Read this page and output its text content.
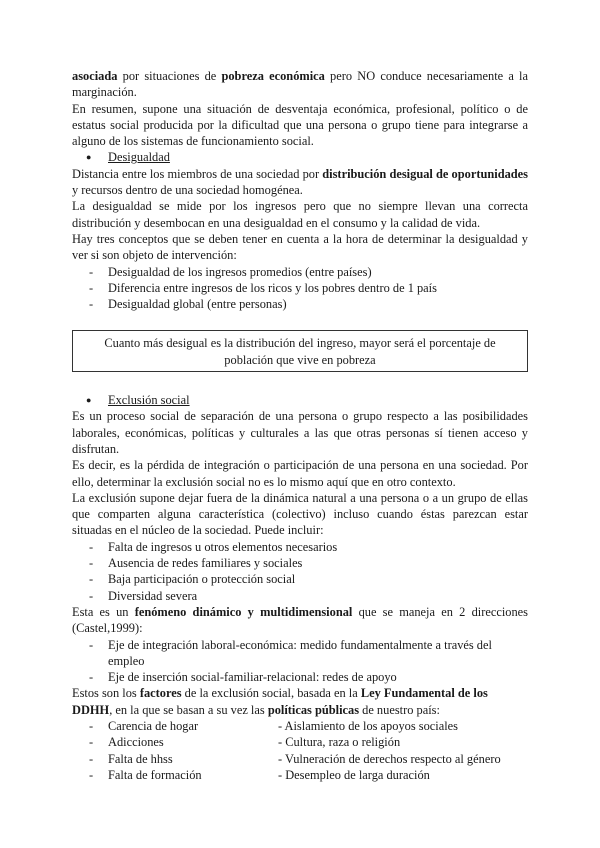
asociada por situaciones de pobreza económica pero NO conduce necesariamente a la marginación.

En resumen, supone una situación de desventaja económica, profesional, político o de estatus social producida por la dificultad que una persona o grupo tiene para integrarse a alguno de los sistemas de funcionamiento social.

● Desigualdad

Distancia entre los miembros de una sociedad por distribución desigual de oportunidades y recursos dentro de una sociedad homogénea.

La desigualdad se mide por los ingresos pero que no siempre llevan una correcta distribución y desembocan en una desigualdad en el consumo y la calidad de vida.

Hay tres conceptos que se deben tener en cuenta a la hora de determinar la desigualdad y ver si son objeto de intervención:

- Desigualdad de los ingresos promedios (entre países)
- Diferencia entre ingresos de los ricos y los pobres dentro de 1 país
- Desigualdad global (entre personas)
Cuanto más desigual es la distribución del ingreso, mayor será el porcentaje de población que vive en pobreza

● Exclusión social

Es un proceso social de separación de una persona o grupo respecto a las posibilidades laborales, económicas, políticas y culturales a las que otras personas sí tienen acceso y disfrutan.

Es decir, es la pérdida de integración o participación de una persona en una sociedad. Por ello, determinar la exclusión social no es lo mismo aquí que en otro contexto.

La exclusión supone dejar fuera de la dinámica natural a una persona o a un grupo de ellas que comparten alguna característica (colectivo) incluso cuando éstas parezcan estar situadas en el núcleo de la sociedad. Puede incluir:

- Falta de ingresos u otros elementos necesarios
- Ausencia de redes familiares y sociales
- Baja participación o protección social
- Diversidad severa

Esta es un fenómeno dinámico y multidimensional que se maneja en 2 direcciones (Castel,1999):

- Eje de integración laboral-económica: medido fundamentalmente a través del empleo
- Eje de inserción social-familiar-relacional: redes de apoyo

Estos son los factores de la exclusión social, basada en la Ley Fundamental de los DDHH, en la que se basan a su vez las políticas públicas de nuestro país:

- Carencia de hogar
- Adicciones
- Falta de hhss
- Falta de formación

- Aislamiento de los apoyos sociales

- Cultura, raza o religión

- Vulneración de derechos respecto al género

- Desempleo de larga duración
